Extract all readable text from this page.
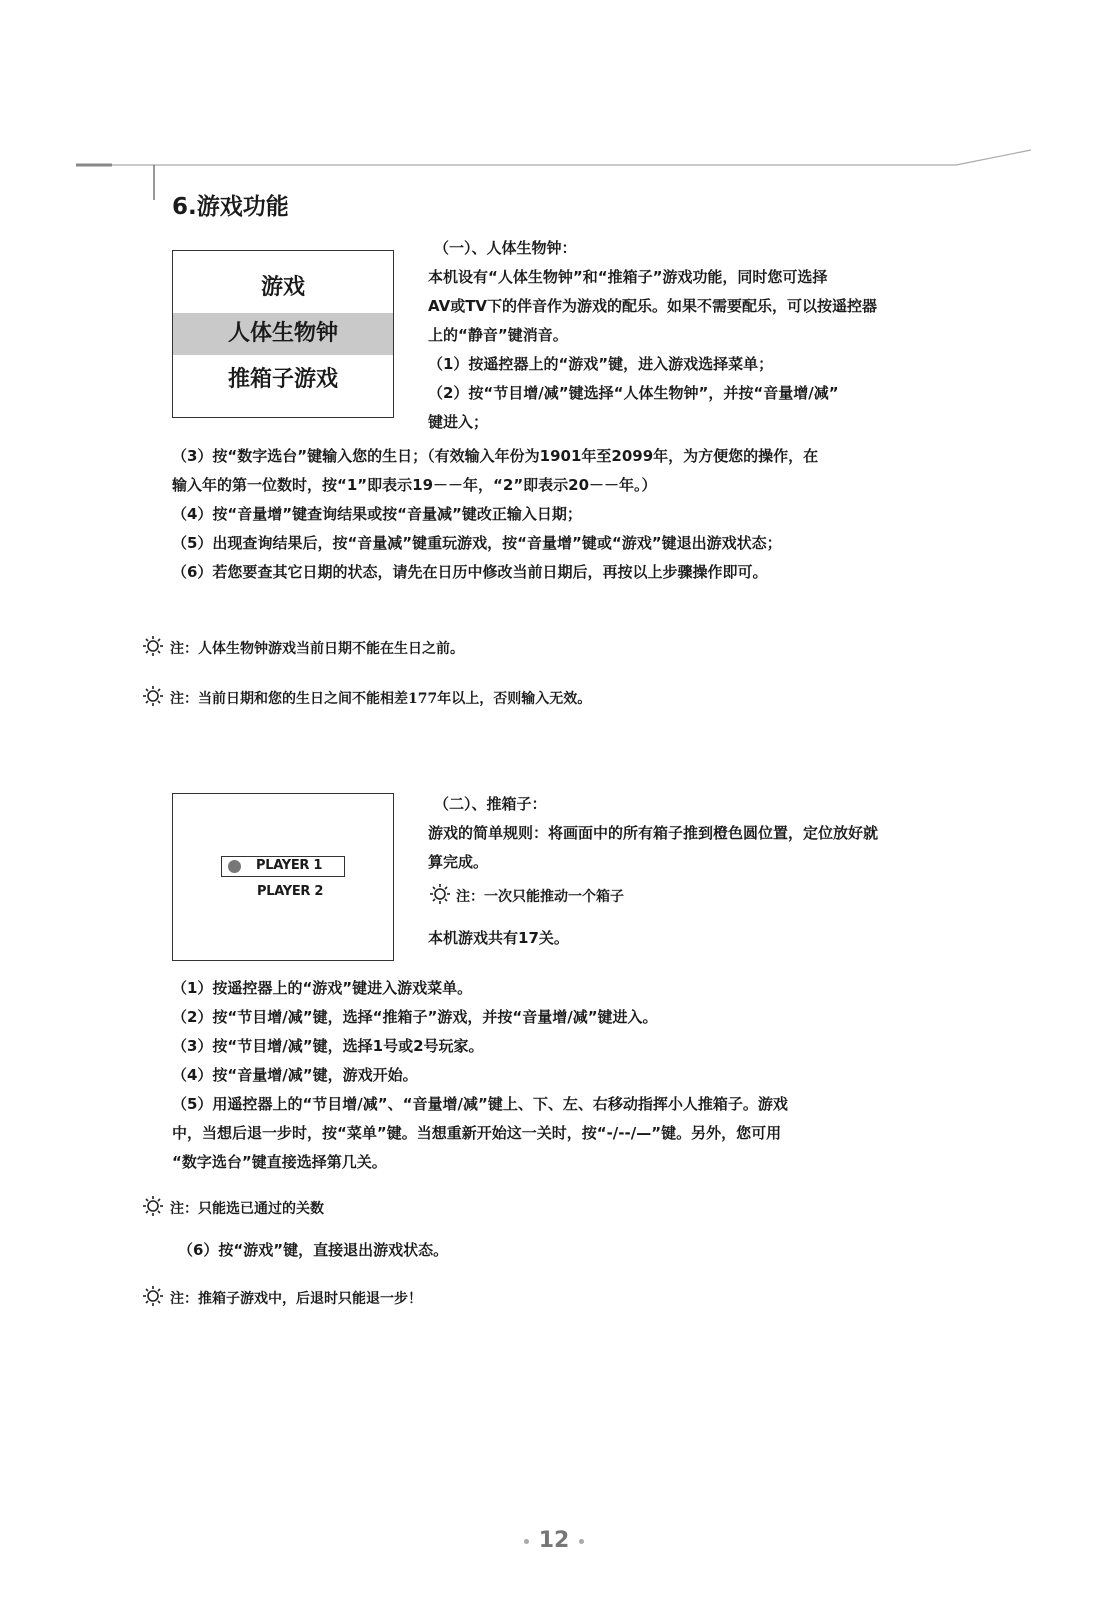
6.游戏功能
游戏
人体生物钟
推箱子游戏
（一）、人体生物钟：
本机设有“人体生物钟”和“推箱子”游戏功能，同时您可选择
AV或TV下的伴音作为游戏的配乐。如果不需要配乐，可以按遥控器
上的“静音”键消音。
（1）按遥控器上的“游戏”键，进入游戏选择菜单；
（2）按“节目增/减”键选择“人体生物钟”，并按“音量增/减”
键进入；
（3）按“数字选台”键输入您的生日；（有效输入年份为1901年至2099年，为方便您的操作，在
输入年的第一位数时，按“1”即表示19－－年，“2”即表示20－－年。）
（4）按“音量增”键查询结果或按“音量减”键改正输入日期；
（5）出现查询结果后，按“音量减”键重玩游戏，按“音量增”键或“游戏”键退出游戏状态；
（6）若您要查其它日期的状态，请先在日历中修改当前日期后，再按以上步骤操作即可。
注：人体生物钟游戏当前日期不能在生日之前。
注：当前日期和您的生日之间不能相差177年以上，否则输入无效。
PLAYER 1
PLAYER 2
（二）、推箱子：
游戏的简单规则：将画面中的所有箱子推到橙色圆位置，定位放好就
算完成。
注：一次只能推动一个箱子
本机游戏共有17关。
（1）按遥控器上的“游戏”键进入游戏菜单。
（2）按“节目增/减”键，选择“推箱子”游戏，并按“音量增/减”键进入。
（3）按“节目增/减”键，选择1号或2号玩家。
（4）按“音量增/减”键，游戏开始。
（5）用遥控器上的“节目增/减”、“音量增/减”键上、下、左、右移动指挥小人推箱子。游戏
中，当想后退一步时，按“菜单”键。当想重新开始这一关时，按“-/--/—”键。另外，您可用
“数字选台”键直接选择第几关。
注：只能选已通过的关数
（6）按“游戏”键，直接退出游戏状态。
注：推箱子游戏中，后退时只能退一步！
12
